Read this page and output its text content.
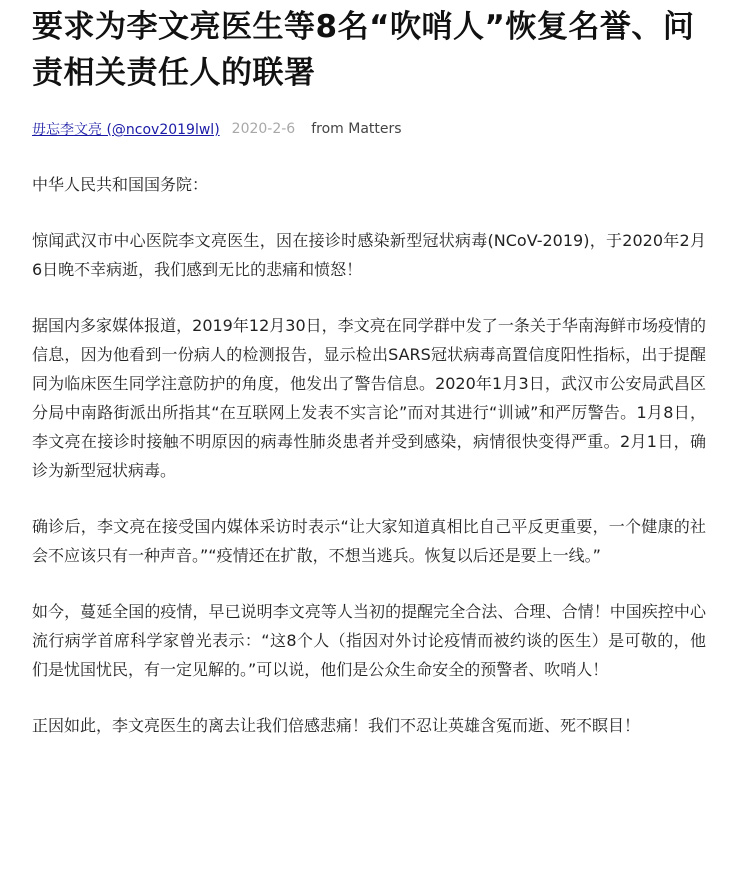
要求为李文亮医生等8名“吹哨人”恢复名誉、问责相关责任人的联署
毋忘李文亮 (@ncov2019lwl) 2020-2-6 from Matters

中华人民共和国国务院：

惊闻武汉市中心医院李文亮医生，因在接诊时感染新型冠状病毒(NCoV-2019)，于2020年2月6日晚不幸病逝，我们感到无比的悲痛和愤怒！

据国内多家媒体报道，2019年12月30日，李文亮在同学群中发了一条关于华南海鲜市场疫情的信息，因为他看到一份病人的检测报告，显示检出SARS冠状病毒高置信度阳性指标，出于提醒同为临床医生同学注意防护的角度，他发出了警告信息。2020年1月3日，武汉市公安局武昌区分局中南路街派出所指其“在互联网上发表不实言论”而对其进行“训诫”和严厉警告。1月8日，李文亮在接诊时接触不明原因的病毒性肺炎患者并受到感染，病情很快变得严重。2月1日，确诊为新型冠状病毒。

确诊后，李文亮在接受国内媒体采访时表示“让大家知道真相比自己平反更重要，一个健康的社会不应该只有一种声音。”“疫情还在扩散，不想当逃兵。恢复以后还是要上一线。”

如今，蔓延全国的疫情，早已说明李文亮等人当初的提醒完全合法、合理、合情！中国疾控中心流行病学首席科学家曾光表示：“这8个人（指因对外讨论疫情而被约谈的医生）是可敬的，他们是忧国忧民，有一定见解的。”可以说，他们是公众生命安全的预警者、吹哨人！

正因如此，李文亮医生的离去让我们倍感悲痛！我们不忍让英雄含冤而逝、死不瞑目！
